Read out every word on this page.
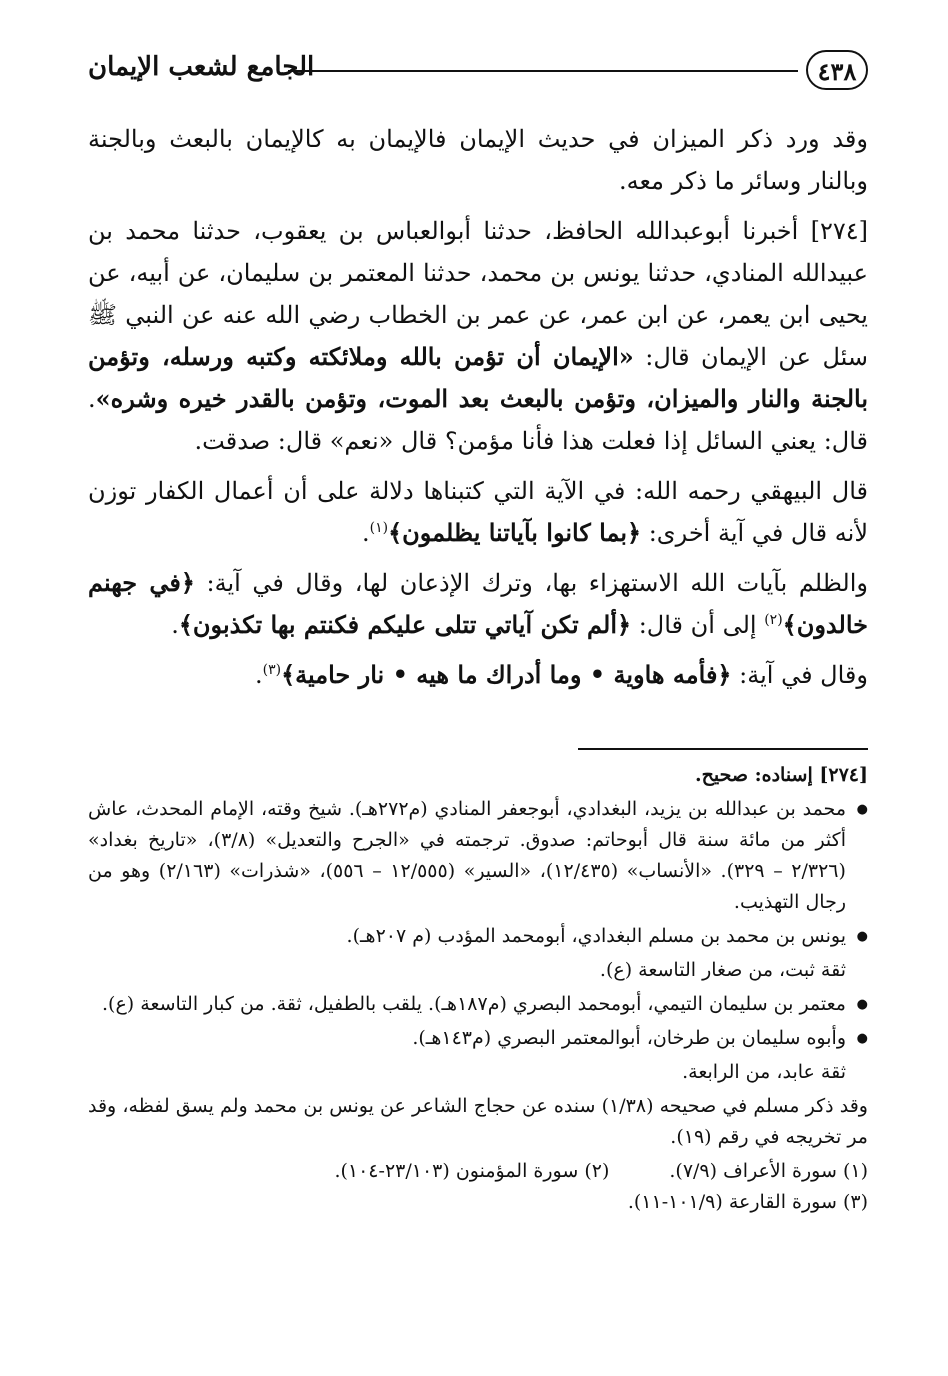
٤٣٨
الجامع لشعب الإيمان

وقد ورد ذكر الميزان في حديث الإيمان فالإيمان به كالإيمان بالبعث وبالجنة وبالنار وسائر ما ذكر معه.

[٢٧٤] أخبرنا أبوعبدالله الحافظ، حدثنا أبوالعباس بن يعقوب، حدثنا محمد بن عبيدالله المنادي، حدثنا يونس بن محمد، حدثنا المعتمر بن سليمان، عن أبيه، عن يحيى ابن يعمر، عن ابن عمر، عن عمر بن الخطاب رضي الله عنه عن النبي ﷺ سئل عن الإيمان قال: «الإيمان أن تؤمن بالله وملائكته وكتبه ورسله، وتؤمن بالجنة والنار والميزان، وتؤمن بالبعث بعد الموت، وتؤمن بالقدر خيره وشره». قال: يعني السائل إذا فعلت هذا فأنا مؤمن؟ قال «نعم» قال: صدقت.

قال البيهقي رحمه الله: في الآية التي كتبناها دلالة على أن أعمال الكفار توزن لأنه قال في آية أخرى: ﴿بما كانوا بآياتنا يظلمون﴾$^{(١)}$.

والظلم بآيات الله الاستهزاء بها، وترك الإذعان لها، وقال في آية: ﴿في جهنم خالدون﴾$^{(٢)}$ إلى أن قال: ﴿ألم تكن آياتي تتلى عليكم فكنتم بها تكذبون﴾.

وقال في آية: ﴿فأمه هاوية • وما أدراك ما هيه • نار حامية﴾$^{(٣)}$.

[٢٧٤] إسناده: صحيح.

● محمد بن عبدالله بن يزيد، البغدادي، أبوجعفر المنادي (م٢٧٢هـ). شيخ وقته، الإمام المحدث، عاش أكثر من مائة سنة قال أبوحاتم: صدوق. ترجمته في «الجرح والتعديل» (٣/٨)، «تاريخ بغداد» (٢/٣٢٦ – ٣٢٩). «الأنساب» (١٢/٤٣٥)، «السير» (١٢/٥٥٥ – ٥٥٦)، «شذرات» (٢/١٦٣) وهو من رجال التهذيب.

● يونس بن محمد بن مسلم البغدادي، أبومحمد المؤدب (م ٢٠٧هـ).

ثقة ثبت، من صغار التاسعة (ع).

● معتمر بن سليمان التيمي، أبومحمد البصري (م١٨٧هـ). يلقب بالطفيل، ثقة. من كبار التاسعة (ع).

● وأبوه سليمان بن طرخان، أبوالمعتمر البصري (م١٤٣هـ).

ثقة عابد، من الرابعة.

وقد ذكر مسلم في صحيحه (١/٣٨) سنده عن حجاج الشاعر عن يونس بن محمد ولم يسق لفظه، وقد مر تخريجه في رقم (١٩).

(١) سورة الأعراف (٧/٩).
(٢) سورة المؤمنون (٢٣/١٠٣-١٠٤).

(٣) سورة القارعة (١٠١/٩-١١).
